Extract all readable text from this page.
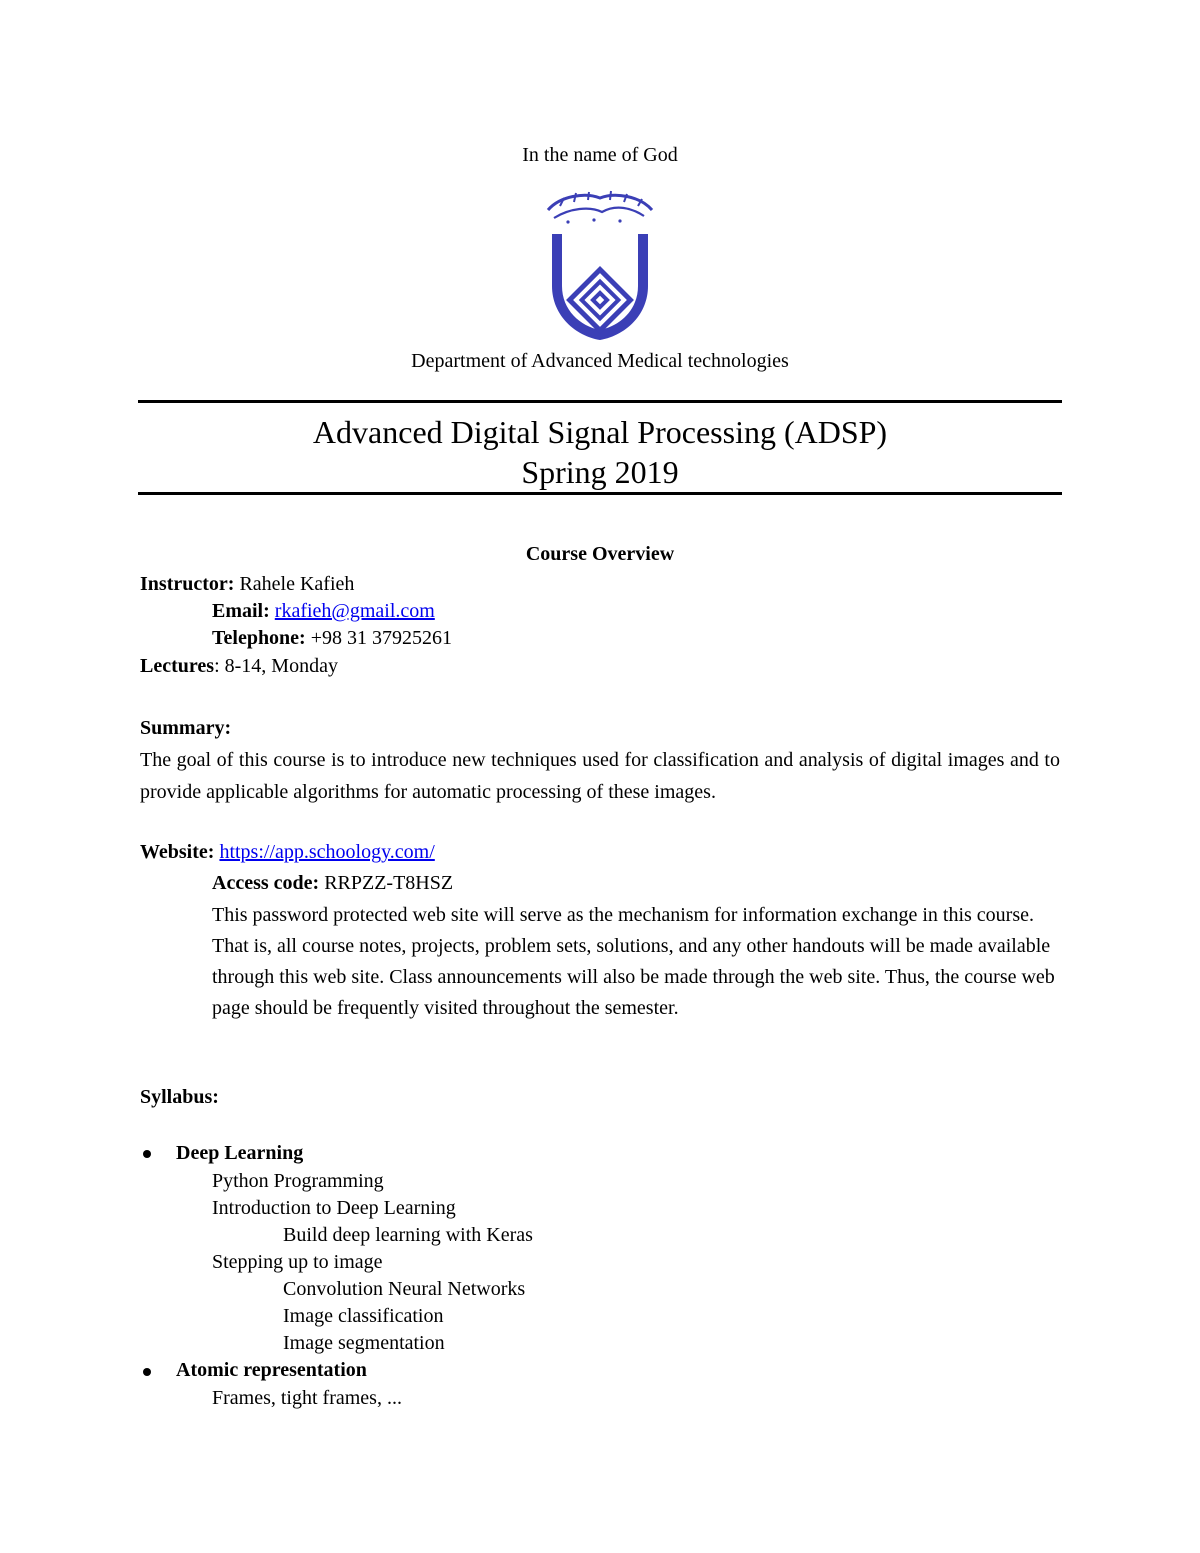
In the name of God
Department of Advanced Medical technologies
Advanced Digital Signal Processing (ADSP)
Spring 2019
Course Overview
Instructor: Rahele Kafieh
Email: rkafieh@gmail.com
Telephone: +98 31 37925261
Lectures: 8-14, Monday
Summary:
The goal of this course is to introduce new techniques used for classification and analysis of digital images and to provide applicable algorithms for automatic processing of these images.
Website: https://app.schoology.com/
Access code: RRPZZ-T8HSZ
This password protected web site will serve as the mechanism for information exchange in this course. That is, all course notes, projects, problem sets, solutions, and any other handouts will be made available through this web site. Class announcements will also be made through the web site. Thus, the course web page should be frequently visited throughout the semester.
Syllabus:
Deep Learning
Python Programming
Introduction to Deep Learning
Build deep learning with Keras
Stepping up to image
Convolution Neural Networks
Image classification
Image segmentation
Atomic representation
Frames, tight frames, ...
